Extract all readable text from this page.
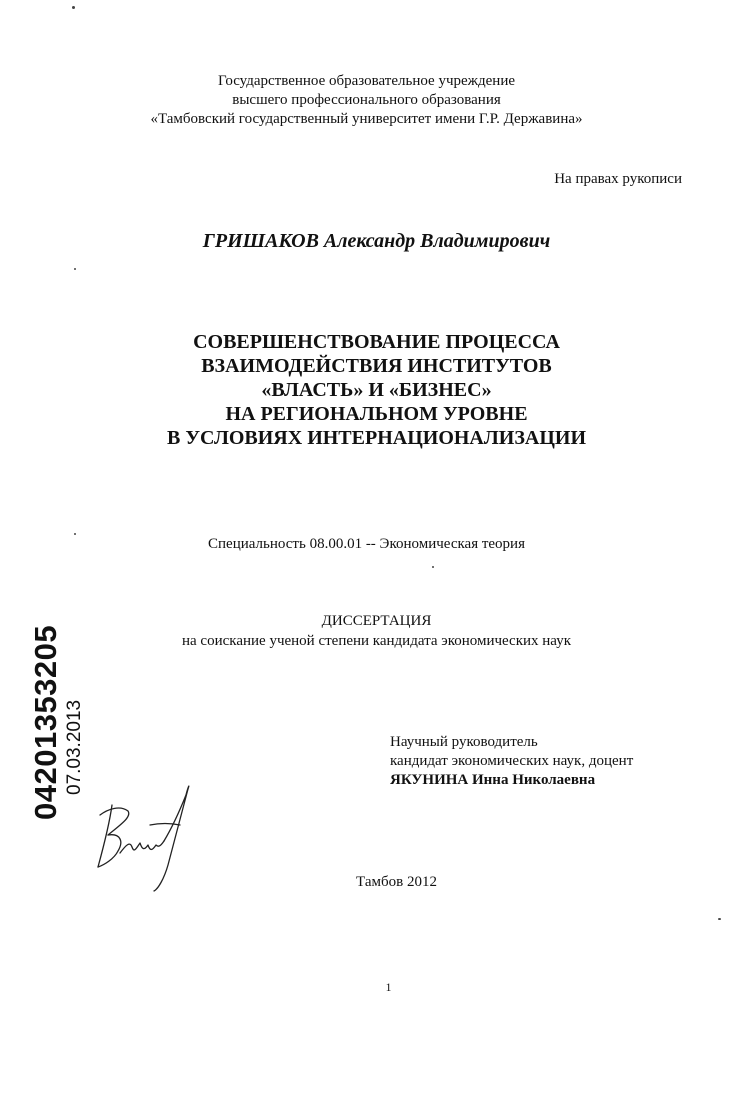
Государственное образовательное учреждение
высшего профессионального образования
«Тамбовский государственный университет имени Г.Р. Державина»
На правах рукописи
ГРИШАКОВ Александр Владимирович
СОВЕРШЕНСТВОВАНИЕ ПРОЦЕССА
ВЗАИМОДЕЙСТВИЯ ИНСТИТУТОВ
«ВЛАСТЬ» И «БИЗНЕС»
НА РЕГИОНАЛЬНОМ УРОВНЕ
В УСЛОВИЯХ ИНТЕРНАЦИОНАЛИЗАЦИИ
Специальность 08.00.01 -- Экономическая теория
ДИССЕРТАЦИЯ
на соискание ученой степени кандидата экономических наук
Научный руководитель
кандидат экономических наук, доцент
ЯКУНИНА Инна Николаевна
Тамбов 2012
1
04201353205 07.03.2013
